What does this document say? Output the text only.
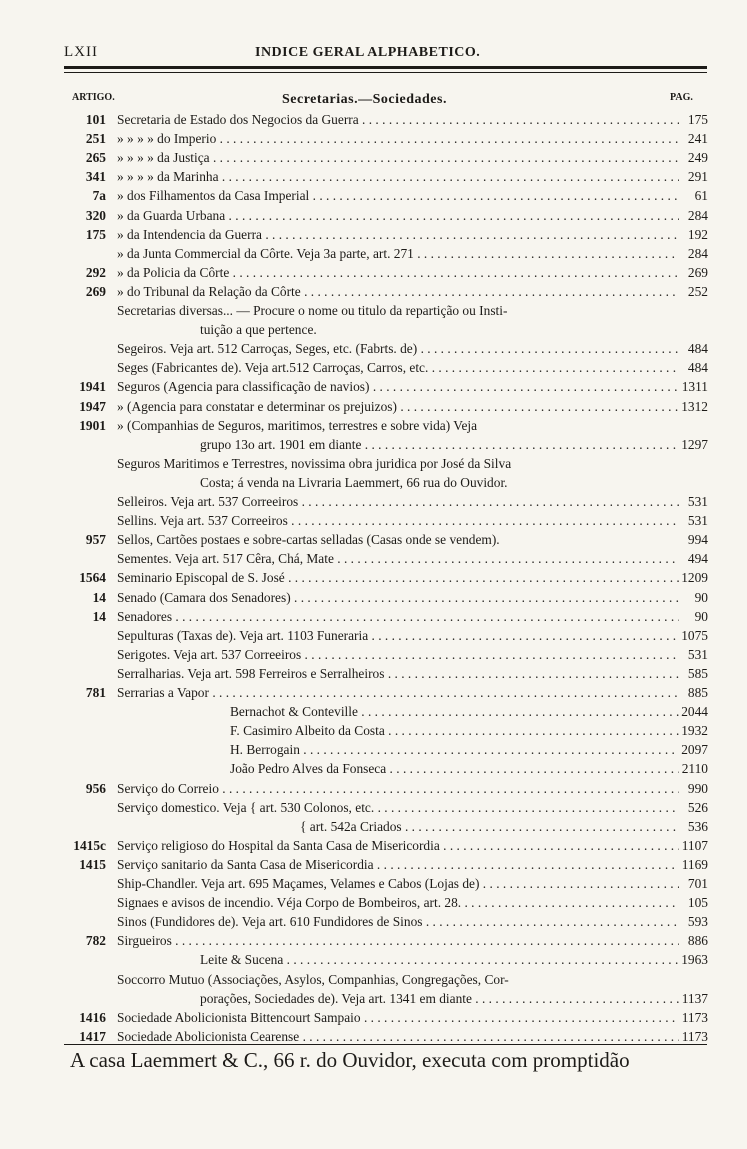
LXII	INDICE GERAL ALPHABETICO.
ARTIGO.	Secretarias.—Sociedades.	PAG.
101 Secretaria de Estado dos Negocios da Guerra . . .	175
251 » » » » do Imperio . . .	241
265 » » » » da Justiça . . .	249
341 » » » » da Marinha . . .	291
7a » dos Filhamentos da Casa Imperial . . .	61
320 » da Guarda Urbana . . .	284
175 » da Intendencia da Guerra . . .	192
» da Junta Commercial da Côrte. Veja 3a parte, art. 271 . . .	284
292 » da Policia da Côrte . . .	269
269 » do Tribunal da Relação da Côrte . . .	252
Secretarias diversas... — Procure o nome ou titulo da repartição ou Insti-
tuição a que pertence.
Segeiros. Veja art. 512 Carroças, Seges, etc. (Fabrts. de) . . .	484
Seges (Fabricantes de). Veja art.512 Carroças, Carros, etc. . . .	484
1941 Seguros (Agencia para classificação de navios) . . .	1311
1947 » (Agencia para constatar e determinar os prejuizos) . . .	1312
1901 » (Companhias de Seguros, maritimos, terrestres e sobre vida) Veja
grupo 13o art. 1901 em diante . . .	1297
Seguros Maritimos e Terrestres, novissima obra juridica por José da Silva
Costa; á venda na Livraria Laemmert, 66 rua do Ouvidor.
Selleiros. Veja art. 537 Correeiros . . .	531
Sellins. Veja art. 537 Correeiros . . .	531
957 Sellos, Cartões postaes e sobre-cartas selladas (Casas onde se vendem).	994
Sementes. Veja art. 517 Cêra, Chá, Mate . . .	494
1564 Seminario Episcopal de S. José . . .	1209
14 Senado (Camara dos Senadores) . . .	90
14 Senadores . . .	90
Sepulturas (Taxas de). Veja art. 1103 Funeraria . . .	1075
Serigotes. Veja art. 537 Correeiros . . .	531
Serralharias. Veja art. 598 Ferreiros e Serralheiros . . .	585
781 Serrarias a Vapor . . .	885
Bernachot & Conteville . . .	2044
F. Casimiro Albeito da Costa . . .	1932
H. Berrogain . . .	2097
João Pedro Alves da Fonseca . . .	2110
956 Serviço do Correio . . .	990
Serviço domestico. Veja { art. 530 Colonos, etc. . . .	526
{ art. 542a Criados . . .	536
1415c Serviço religioso do Hospital da Santa Casa de Misericordia . . .	1107
1415 Serviço sanitario da Santa Casa de Misericordia . . .	1169
Ship-Chandler. Veja art. 695 Maçames, Velames e Cabos (Lojas de) . . .	701
Signaes e avisos de incendio. Véja Corpo de Bombeiros, art. 28. . . .	105
Sinos (Fundidores de). Veja art. 610 Fundidores de Sinos . . .	593
782 Sirgueiros . . .	886
Leite & Sucena . . .	1963
Soccorro Mutuo (Associações, Asylos, Companhias, Congregações, Cor-
porações, Sociedades de). Veja art. 1341 em diante . . .	1137
1416 Sociedade Abolicionista Bittencourt Sampaio . . .	1173
1417 Sociedade Abolicionista Cearense . . .	1173
A casa Laemmert & C., 66 r. do Ouvidor, executa com promptidão
